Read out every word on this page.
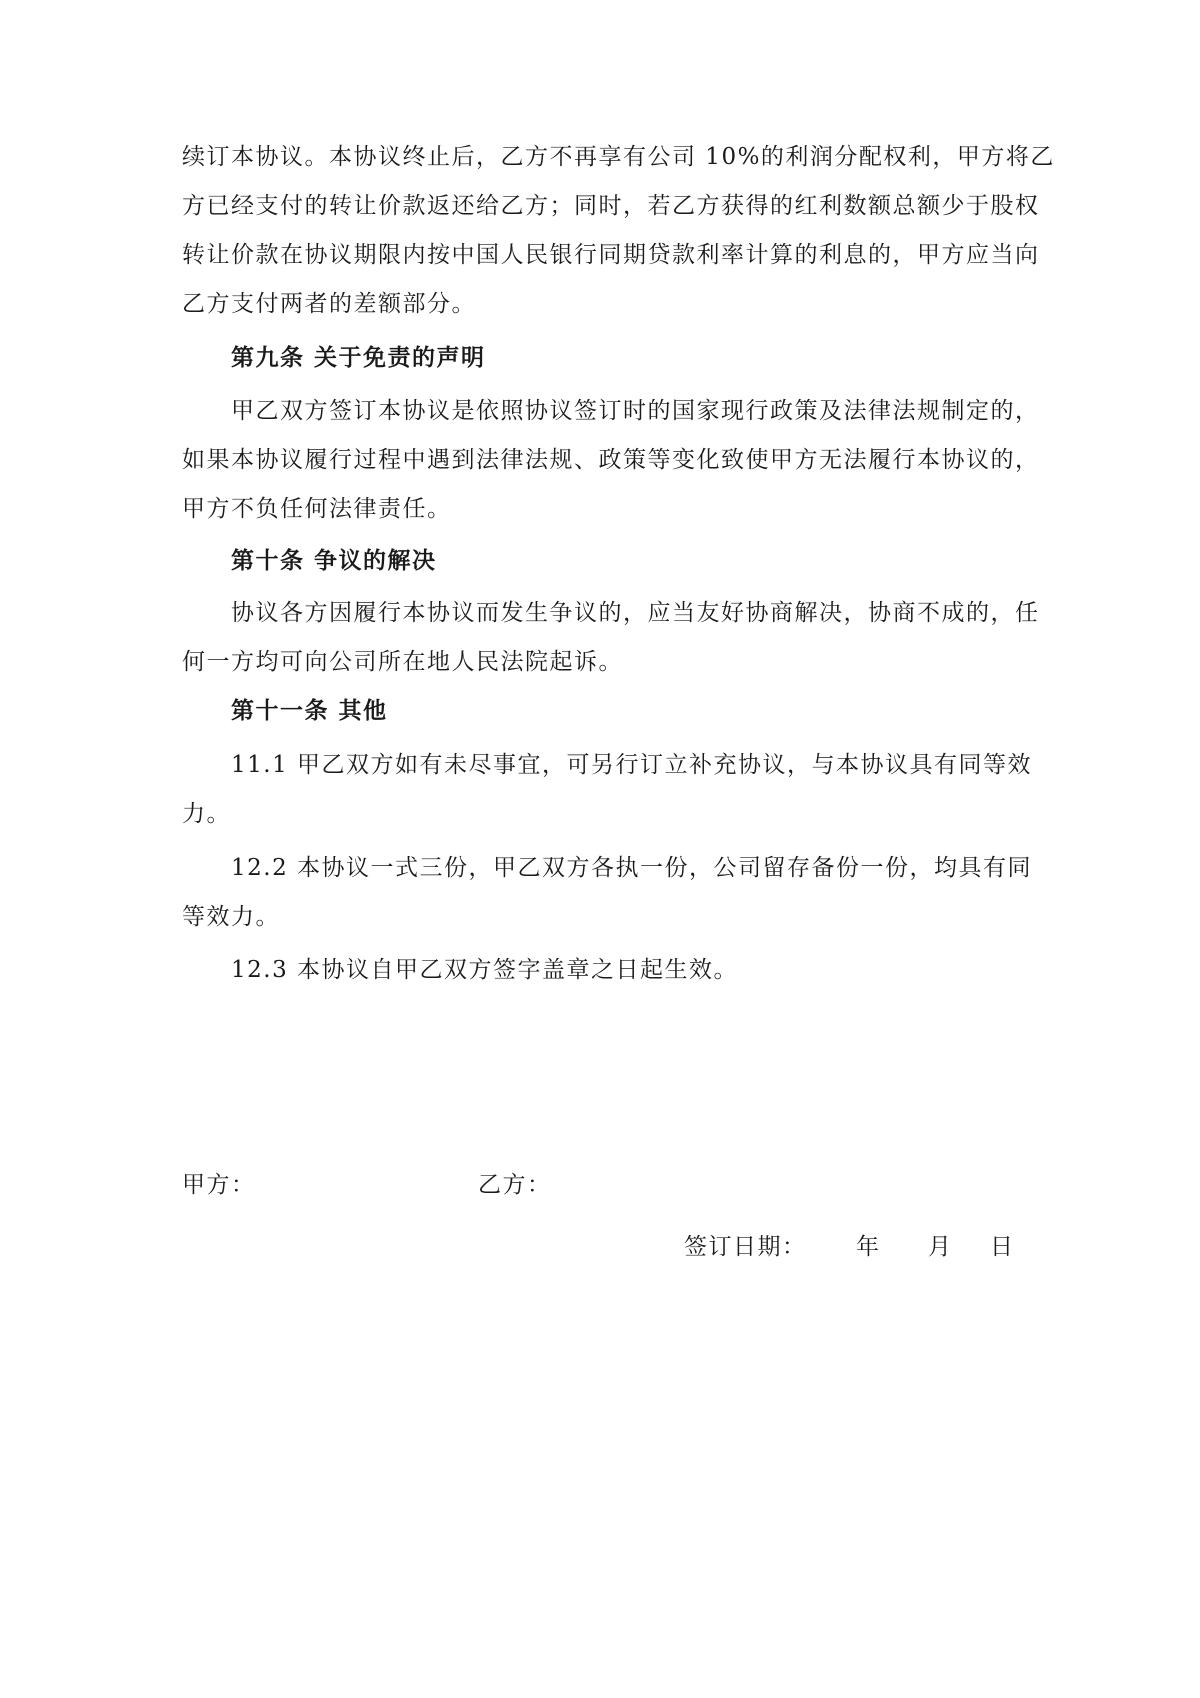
续订本协议。本协议终止后，乙方不再享有公司 10%的利润分配权利，甲方将乙
方已经支付的转让价款返还给乙方；同时，若乙方获得的红利数额总额少于股权
转让价款在协议期限内按中国人民银行同期贷款利率计算的利息的，甲方应当向
乙方支付两者的差额部分。
第九条 关于免责的声明
甲乙双方签订本协议是依照协议签订时的国家现行政策及法律法规制定的，
如果本协议履行过程中遇到法律法规、政策等变化致使甲方无法履行本协议的，
甲方不负任何法律责任。
第十条 争议的解决
协议各方因履行本协议而发生争议的，应当友好协商解决，协商不成的，任
何一方均可向公司所在地人民法院起诉。
第十一条 其他
11.1 甲乙双方如有未尽事宜，可另行订立补充协议，与本协议具有同等效
力。
12.2 本协议一式三份，甲乙双方各执一份，公司留存备份一份，均具有同
等效力。
12.3 本协议自甲乙双方签字盖章之日起生效。
甲方：	乙方：
签订日期： 年 月 日
